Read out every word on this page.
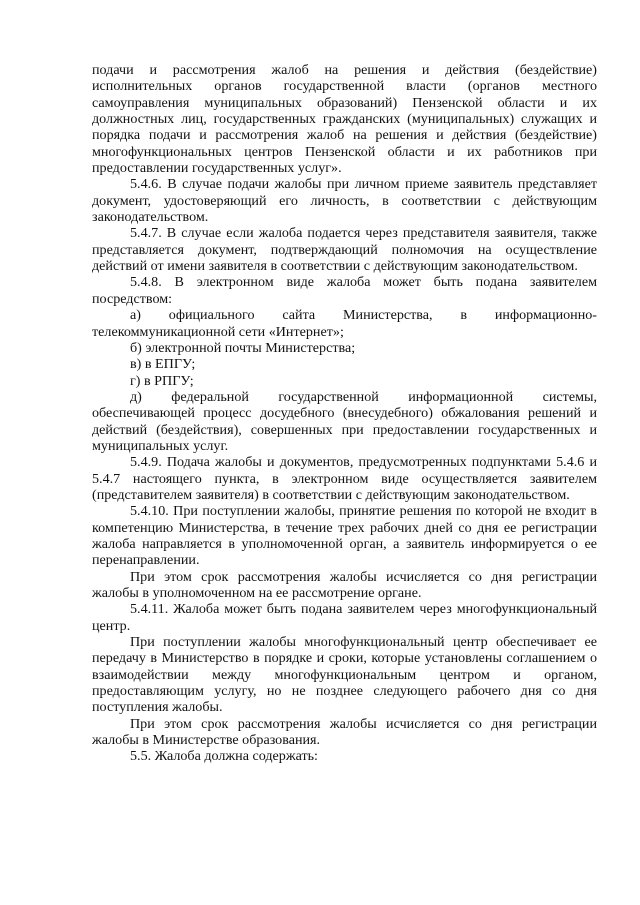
подачи и рассмотрения жалоб на решения и действия (бездействие) исполнительных органов государственной власти (органов местного самоуправления муниципальных образований) Пензенской области и их должностных лиц, государственных гражданских (муниципальных) служащих и порядка подачи и рассмотрения жалоб на решения и действия (бездействие) многофункциональных центров Пензенской области и их работников при предоставлении государственных услуг».

5.4.6. В случае подачи жалобы при личном приеме заявитель представляет документ, удостоверяющий его личность, в соответствии с действующим законодательством.

5.4.7. В случае если жалоба подается через представителя заявителя, также представляется документ, подтверждающий полномочия на осуществление действий от имени заявителя в соответствии с действующим законодательством.

5.4.8. В электронном виде жалоба может быть подана заявителем посредством:

а) официального сайта Министерства, в информационно-телекоммуникационной сети «Интернет»;

б) электронной почты Министерства;

в) в ЕПГУ;

г) в РПГУ;

д) федеральной государственной информационной системы, обеспечивающей процесс досудебного (внесудебного) обжалования решений и действий (бездействия), совершенных при предоставлении государственных и муниципальных услуг.

5.4.9. Подача жалобы и документов, предусмотренных подпунктами 5.4.6 и 5.4.7 настоящего пункта, в электронном виде осуществляется заявителем (представителем заявителя) в соответствии с действующим законодательством.

5.4.10. При поступлении жалобы, принятие решения по которой не входит в компетенцию Министерства, в течение трех рабочих дней со дня ее регистрации жалоба направляется в уполномоченной орган, а заявитель информируется о ее перенаправлении.

При этом срок рассмотрения жалобы исчисляется со дня регистрации жалобы в уполномоченном на ее рассмотрение органе.

5.4.11. Жалоба может быть подана заявителем через многофункциональный центр.

При поступлении жалобы многофункциональный центр обеспечивает ее передачу в Министерство в порядке и сроки, которые установлены соглашением о взаимодействии между многофункциональным центром и органом, предоставляющим услугу, но не позднее следующего рабочего дня со дня поступления жалобы.

При этом срок рассмотрения жалобы исчисляется со дня регистрации жалобы в Министерстве образования.

5.5. Жалоба должна содержать:
